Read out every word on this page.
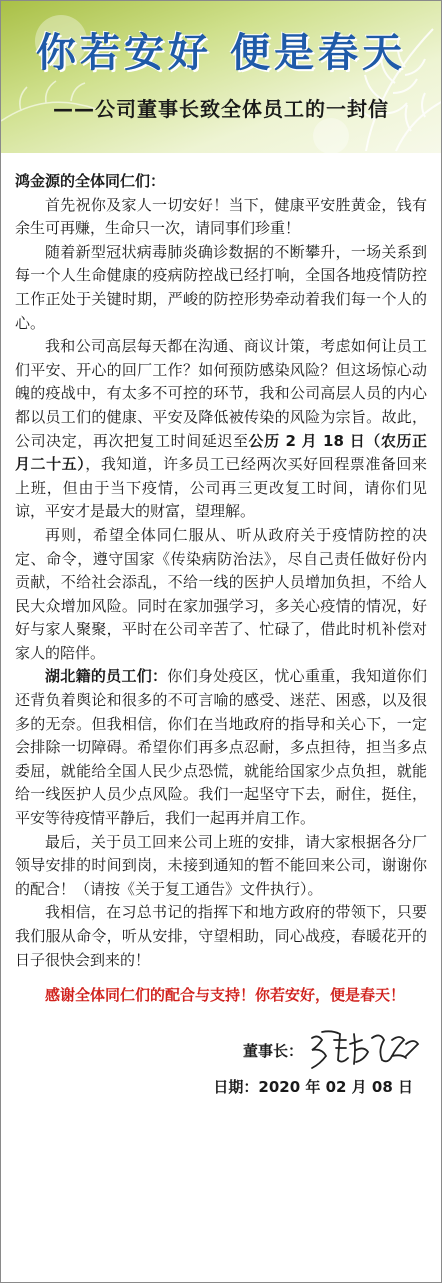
你若安好 便是春天
——公司董事长致全体员工的一封信

鸿金源的全体同仁们：

首先祝你及家人一切安好！当下，健康平安胜黄金，钱有余生可再赚，生命只一次，请同事们珍重！

随着新型冠状病毒肺炎确诊数据的不断攀升，一场关系到每一个人生命健康的疫病防控战已经打响，全国各地疫情防控工作正处于关键时期，严峻的防控形势牵动着我们每一个人的心。

我和公司高层每天都在沟通、商议计策，考虑如何让员工们平安、开心的回厂工作？如何预防感染风险？但这场惊心动魄的疫战中，有太多不可控的环节，我和公司高层人员的内心都以员工们的健康、平安及降低被传染的风险为宗旨。故此，公司决定，再次把复工时间延迟至公历 2 月 18 日（农历正月二十五），我知道，许多员工已经两次买好回程票准备回来上班，但由于当下疫情，公司再三更改复工时间，请你们见谅，平安才是最大的财富，望理解。

再则，希望全体同仁服从、听从政府关于疫情防控的决定、命令，遵守国家《传染病防治法》，尽自己责任做好份内贡献，不给社会添乱，不给一线的医护人员增加负担，不给人民大众增加风险。同时在家加强学习，多关心疫情的情况，好好与家人聚聚，平时在公司辛苦了、忙碌了，借此时机补偿对家人的陪伴。

湖北籍的员工们：你们身处疫区，忧心重重，我知道你们还背负着舆论和很多的不可言喻的感受、迷茫、困惑，以及很多的无奈。但我相信，你们在当地政府的指导和关心下，一定会排除一切障碍。希望你们再多点忍耐，多点担待，担当多点委屈，就能给全国人民少点恐慌，就能给国家少点负担，就能给一线医护人员少点风险。我们一起坚守下去，耐住，挺住，平安等待疫情平静后，我们一起再并肩工作。

最后，关于员工回来公司上班的安排，请大家根据各分厂领导安排的时间到岗，未接到通知的暂不能回来公司，谢谢你的配合！（请按《关于复工通告》文件执行）。

我相信，在习总书记的指挥下和地方政府的带领下，只要我们服从命令，听从安排，守望相助，同心战疫，春暖花开的日子很快会到来的！

感谢全体同仁们的配合与支持！你若安好，便是春天！

董事长：
日期：2020 年 02 月 08 日
